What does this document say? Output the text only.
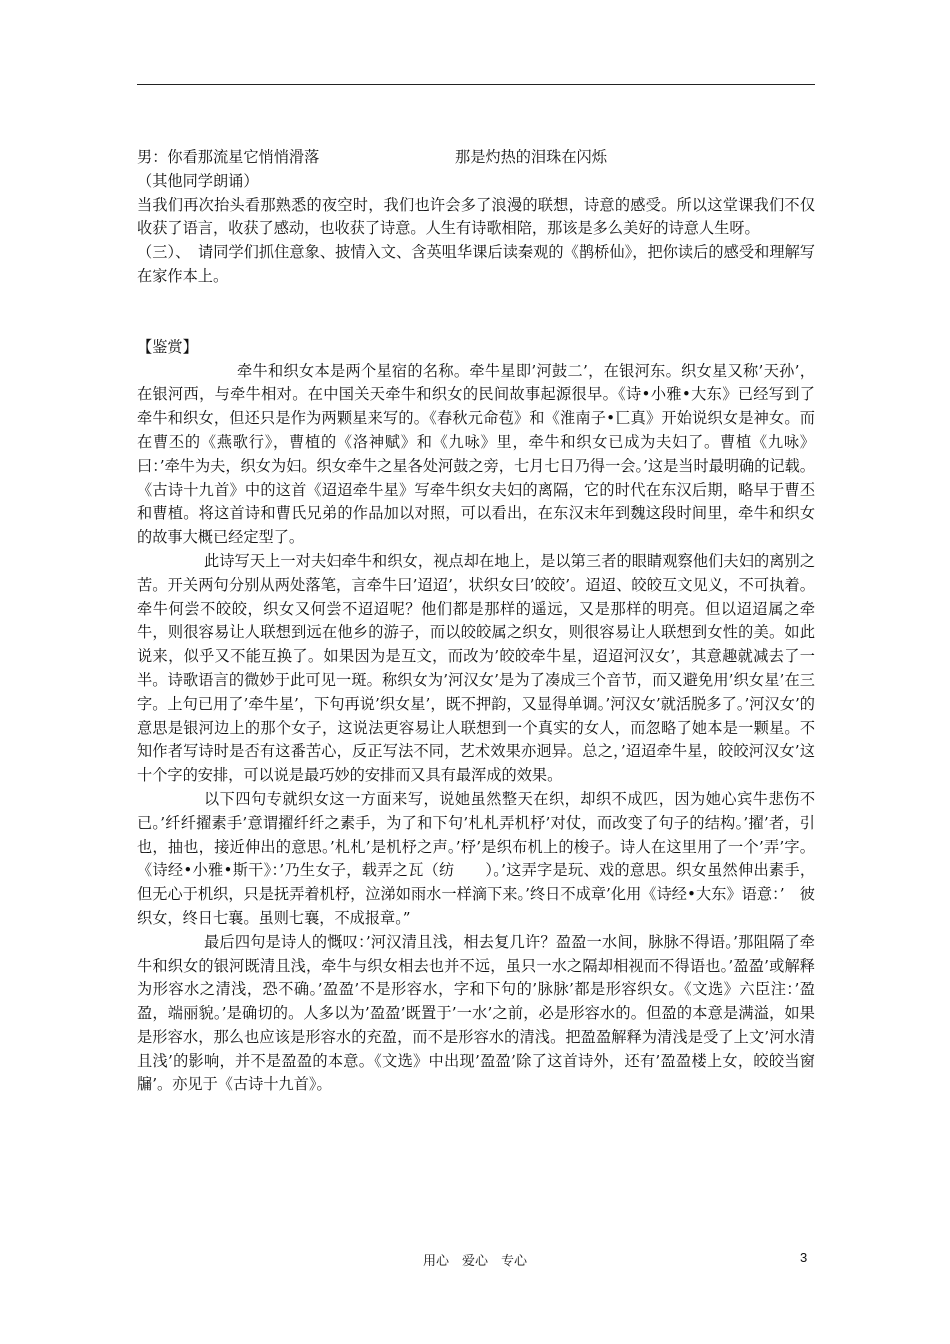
男：你看那流星它悄悄滑落	那是灼热的泪珠在闪烁

（其他同学朗诵）

当我们再次抬头看那熟悉的夜空时，我们也许会多了浪漫的联想，诗意的感受。所以这堂课我们不仅收获了语言，收获了感动，也收获了诗意。人生有诗歌相陪，那该是多么美好的诗意人生呀。

（三）、　请同学们抓住意象、披情入文、含英咀华课后读秦观的《鹊桥仙》，把你读后的感受和理解写在家作本上。

【鉴赏】

牵牛和织女本是两个星宿的名称。牵牛星即’河鼓二’，在银河东。织女星又称’天孙’，在银河西，与牵牛相对。在中国关天牵牛和织女的民间故事起源很早。《诗•小雅•大东》已经写到了牵牛和织女，但还只是作为两颗星来写的。《春秋元命苞》和《淮南子•匸真》开始说织女是神女。而在曹丕的《燕歌行》，曹植的《洛神赋》和《九咏》里，牵牛和织女已成为夫妇了。曹植《九咏》曰：’牵牛为夫，织女为妇。织女牵牛之星各处河鼓之旁，七月七日乃得一会。’这是当时最明确的记载。《古诗十九首》中的这首《迢迢牵牛星》写牵牛织女夫妇的离隔，它的时代在东汉后期，略早于曹丕和曹植。将这首诗和曹氏兄弟的作品加以对照，可以看出，在东汉末年到魏这段时间里，牵牛和织女的故事大概已经定型了。

此诗写天上一对夫妇牵牛和织女，视点却在地上，是以第三者的眼睛观察他们夫妇的离别之苦。开关两句分别从两处落笔，言牵牛曰’迢迢’，状织女曰’皎皎’。迢迢、皎皎互文见义，不可执着。牵牛何尝不皎皎，织女又何尝不迢迢呢？他们都是那样的遥远，又是那样的明亮。但以迢迢属之牵牛，则很容易让人联想到远在他乡的游子，而以皎皎属之织女，则很容易让人联想到女性的美。如此说来，似乎又不能互换了。如果因为是互文，而改为’皎皎牵牛星，迢迢河汉女’，其意趣就减去了一半。诗歌语言的微妙于此可见一斑。称织女为’河汉女’是为了凑成三个音节，而又避免用’织女星’在三字。上句已用了’牵牛星’，下句再说’织女星’，既不押韵，又显得单调。’河汉女’就活脱多了。’河汉女’的意思是银河边上的那个女子，这说法更容易让人联想到一个真实的女人，而忽略了她本是一颗星。不知作者写诗时是否有这番苦心，反正写法不同，艺术效果亦迥异。总之，’迢迢牵牛星，皎皎河汉女’这十个字的安排，可以说是最巧妙的安排而又具有最浑成的效果。

以下四句专就织女这一方面来写，说她虽然整天在织，却织不成匹，因为她心宾牛悲伤不已。’纤纤擢素手’意谓擢纤纤之素手，为了和下句’札札弄机杼’对仗，而改变了句子的结构。’擢’者，引也，抽也，接近伸出的意思。’札札’是机杼之声。’杼’是织布机上的梭子。诗人在这里用了一个’弄’字。《诗经•小雅•斯干》：’乃生女子，载弄之瓦（纺　　）。’这弄字是玩、戏的意思。织女虽然伸出素手，但无心于机织，只是抚弄着机杼，泣涕如雨水一样滴下来。’终日不成章’化用《诗经•大东》语意：’　彼织女，终日七襄。虽则七襄，不成报章。”

最后四句是诗人的慨叹：’河汉清且浅，相去复几许？盈盈一水间，脉脉不得语。’那阻隔了牵牛和织女的银河既清且浅，牵牛与织女相去也并不远，虽只一水之隔却相视而不得语也。’盈盈’或解释为形容水之清浅，恐不确。’盈盈’不是形容水，字和下句的’脉脉’都是形容织女。《文选》六臣注：’盈盈，端丽貌。’是确切的。人多以为’盈盈’既置于’一水’之前，必是形容水的。但盈的本意是满溢，如果是形容水，那么也应该是形容水的充盈，而不是形容水的清浅。把盈盈解释为清浅是受了上文’河水清且浅’的影响，并不是盈盈的本意。《文选》中出现’盈盈’除了这首诗外，还有’盈盈楼上女，皎皎当窗牖’。亦见于《古诗十九首》。

用心　爱心　专心	3
